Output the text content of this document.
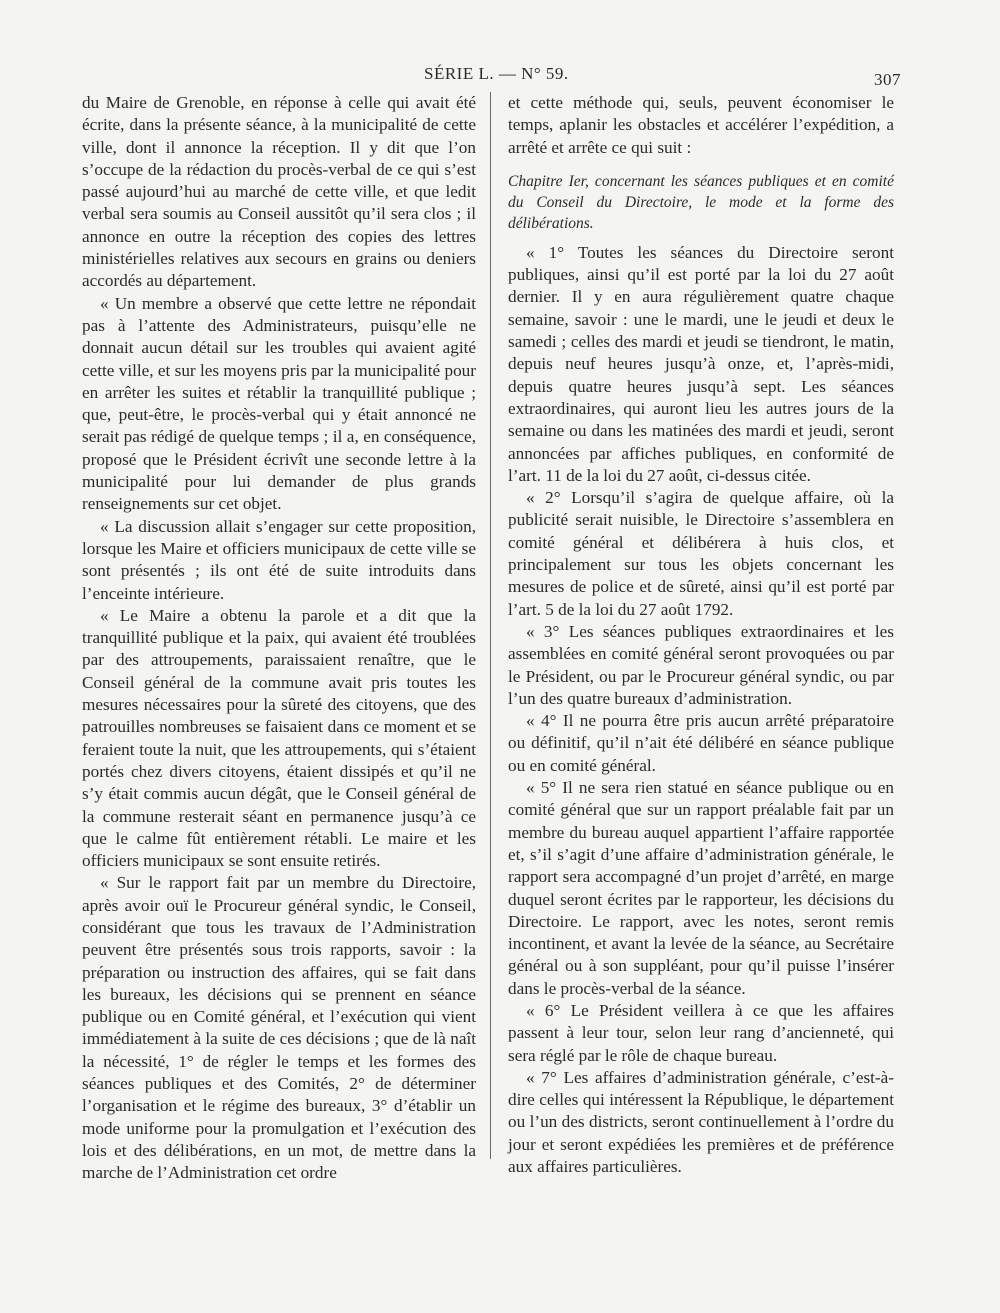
SÉRIE L. — N° 59.	307

du Maire de Grenoble, en réponse à celle qui avait été écrite, dans la présente séance, à la municipalité de cette ville, dont il annonce la réception. Il y dit que l’on s’occupe de la rédaction du procès-verbal de ce qui s’est passé aujourd’hui au marché de cette ville, et que ledit verbal sera soumis au Conseil aussitôt qu’il sera clos ; il annonce en outre la réception des copies des lettres ministérielles relatives aux secours en grains ou deniers accordés au département.

« Un membre a observé que cette lettre ne répondait pas à l’attente des Administrateurs, puisqu’elle ne donnait aucun détail sur les troubles qui avaient agité cette ville, et sur les moyens pris par la municipalité pour en arrêter les suites et rétablir la tranquillité publique ; que, peut-être, le procès-verbal qui y était annoncé ne serait pas rédigé de quelque temps ; il a, en conséquence, proposé que le Président écrivît une seconde lettre à la municipalité pour lui demander de plus grands renseignements sur cet objet.

« La discussion allait s’engager sur cette proposition, lorsque les Maire et officiers municipaux de cette ville se sont présentés ; ils ont été de suite introduits dans l’enceinte intérieure.

« Le Maire a obtenu la parole et a dit que la tranquillité publique et la paix, qui avaient été troublées par des attroupements, paraissaient renaître, que le Conseil général de la commune avait pris toutes les mesures nécessaires pour la sûreté des citoyens, que des patrouilles nombreuses se faisaient dans ce moment et se feraient toute la nuit, que les attroupements, qui s’étaient portés chez divers citoyens, étaient dissipés et qu’il ne s’y était commis aucun dégât, que le Conseil général de la commune resterait séant en permanence jusqu’à ce que le calme fût entièrement rétabli. Le maire et les officiers municipaux se sont ensuite retirés.

« Sur le rapport fait par un membre du Directoire, après avoir ouï le Procureur général syndic, le Conseil, considérant que tous les travaux de l’Administration peuvent être présentés sous trois rapports, savoir : la préparation ou instruction des affaires, qui se fait dans les bureaux, les décisions qui se prennent en séance publique ou en Comité général, et l’exécution qui vient immédiatement à la suite de ces décisions ; que de là naît la nécessité, 1° de régler le temps et les formes des séances publiques et des Comités, 2° de déterminer l’organisation et le régime des bureaux, 3° d’établir un mode uniforme pour la promulgation et l’exécution des lois et des délibérations, en un mot, de mettre dans la marche de l’Administration cet ordre

et cette méthode qui, seuls, peuvent économiser le temps, aplanir les obstacles et accélérer l’expédition, a arrêté et arrête ce qui suit :

Chapitre Ier, concernant les séances publiques et en comité du Conseil du Directoire, le mode et la forme des délibérations.

« 1° Toutes les séances du Directoire seront publiques, ainsi qu’il est porté par la loi du 27 août dernier. Il y en aura régulièrement quatre chaque semaine, savoir : une le mardi, une le jeudi et deux le samedi ; celles des mardi et jeudi se tiendront, le matin, depuis neuf heures jusqu’à onze, et, l’après-midi, depuis quatre heures jusqu’à sept. Les séances extraordinaires, qui auront lieu les autres jours de la semaine ou dans les matinées des mardi et jeudi, seront annoncées par affiches publiques, en conformité de l’art. 11 de la loi du 27 août, ci-dessus citée.

« 2° Lorsqu’il s’agira de quelque affaire, où la publicité serait nuisible, le Directoire s’assemblera en comité général et délibérera à huis clos, et principalement sur tous les objets concernant les mesures de police et de sûreté, ainsi qu’il est porté par l’art. 5 de la loi du 27 août 1792.

« 3° Les séances publiques extraordinaires et les assemblées en comité général seront provoquées ou par le Président, ou par le Procureur général syndic, ou par l’un des quatre bureaux d’administration.

« 4° Il ne pourra être pris aucun arrêté préparatoire ou définitif, qu’il n’ait été délibéré en séance publique ou en comité général.

« 5° Il ne sera rien statué en séance publique ou en comité général que sur un rapport préalable fait par un membre du bureau auquel appartient l’affaire rapportée et, s’il s’agit d’une affaire d’administration générale, le rapport sera accompagné d’un projet d’arrêté, en marge duquel seront écrites par le rapporteur, les décisions du Directoire. Le rapport, avec les notes, seront remis incontinent, et avant la levée de la séance, au Secrétaire général ou à son suppléant, pour qu’il puisse l’insérer dans le procès-verbal de la séance.

« 6° Le Président veillera à ce que les affaires passent à leur tour, selon leur rang d’ancienneté, qui sera réglé par le rôle de chaque bureau.

« 7° Les affaires d’administration générale, c’est-à-dire celles qui intéressent la République, le département ou l’un des districts, seront continuellement à l’ordre du jour et seront expédiées les premières et de préférence aux affaires particulières.
